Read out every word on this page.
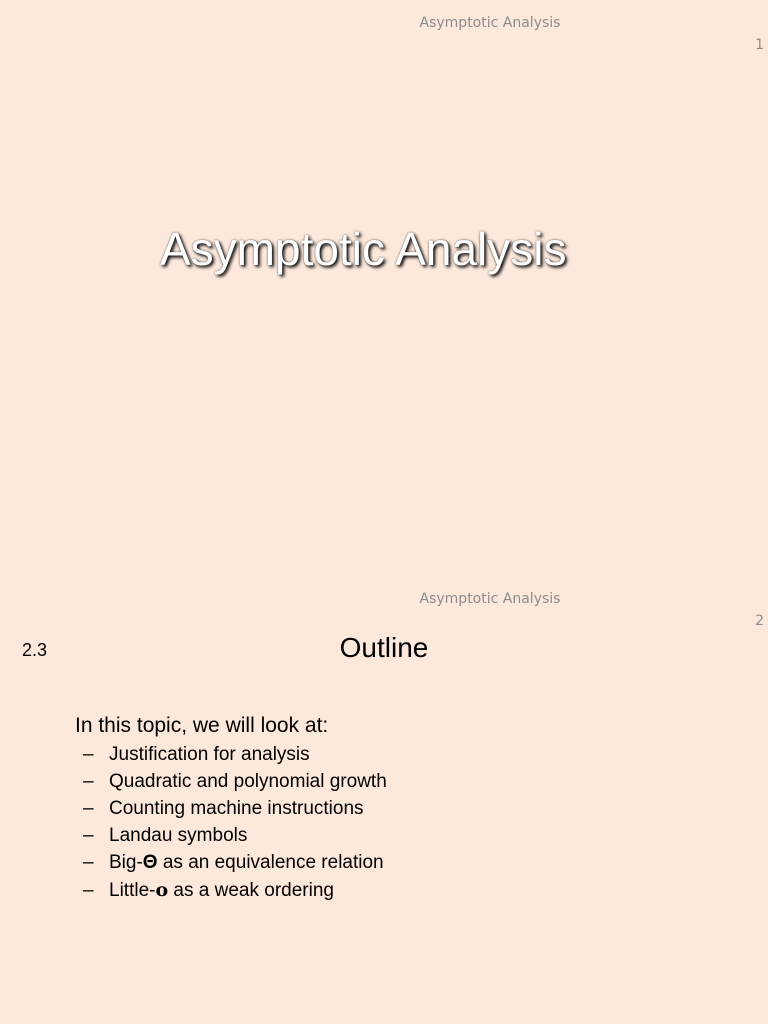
Asymptotic Analysis
1
Asymptotic Analysis
Asymptotic Analysis
2
2.3	Outline
In this topic, we will look at:
– Justification for analysis
– Quadratic and polynomial growth
– Counting machine instructions
– Landau symbols
– Big- Θ as an equivalence relation
– Little- o as a weak ordering
